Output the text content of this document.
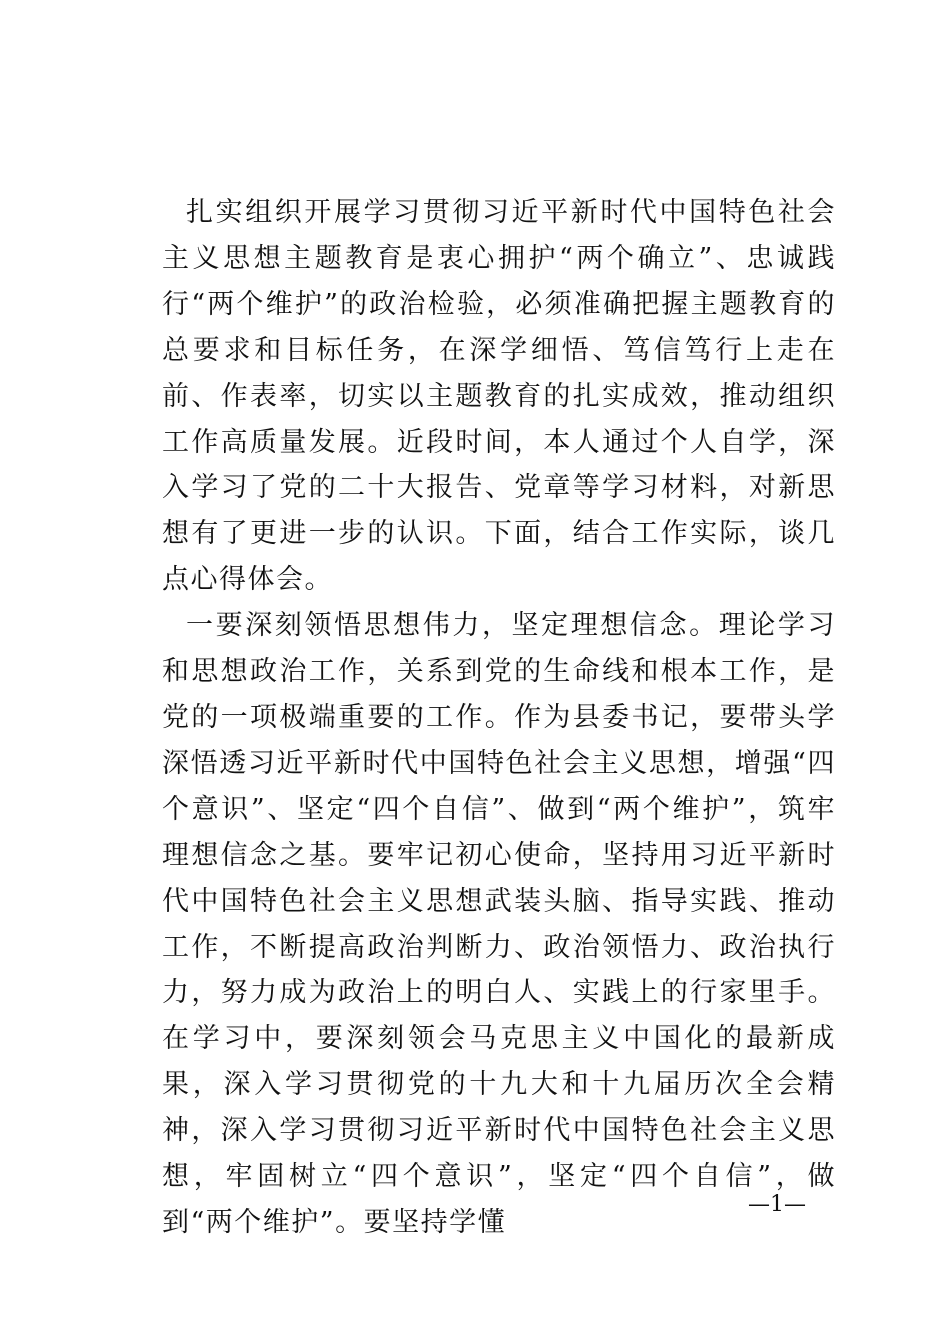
扎实组织开展学习贯彻习近平新时代中国特色社会主义思想主题教育是衷心拥护“两个确立”、忠诚践行“两个维护”的政治检验，必须准确把握主题教育的总要求和目标任务，在深学细悟、笃信笃行上走在前、作表率，切实以主题教育的扎实成效，推动组织工作高质量发展。近段时间，本人通过个人自学，深入学习了党的二十大报告、党章等学习材料，对新思想有了更进一步的认识。下面，结合工作实际，谈几点心得体会。

一要深刻领悟思想伟力，坚定理想信念。理论学习和思想政治工作，关系到党的生命线和根本工作，是党的一项极端重要的工作。作为县委书记，要带头学深悟透习近平新时代中国特色社会主义思想，增强“四个意识”、坚定“四个自信”、做到“两个维护”，筑牢理想信念之基。要牢记初心使命，坚持用习近平新时代中国特色社会主义思想武装头脑、指导实践、推动工作，不断提高政治判断力、政治领悟力、政治执行力，努力成为政治上的明白人、实践上的行家里手。在学习中，要深刻领会马克思主义中国化的最新成果，深入学习贯彻党的十九大和十九届历次全会精神，深入学习贯彻习近平新时代中国特色社会主义思想，牢固树立“四个意识”，坚定“四个自信”，做到“两个维护”。要坚持学懂

—1—
